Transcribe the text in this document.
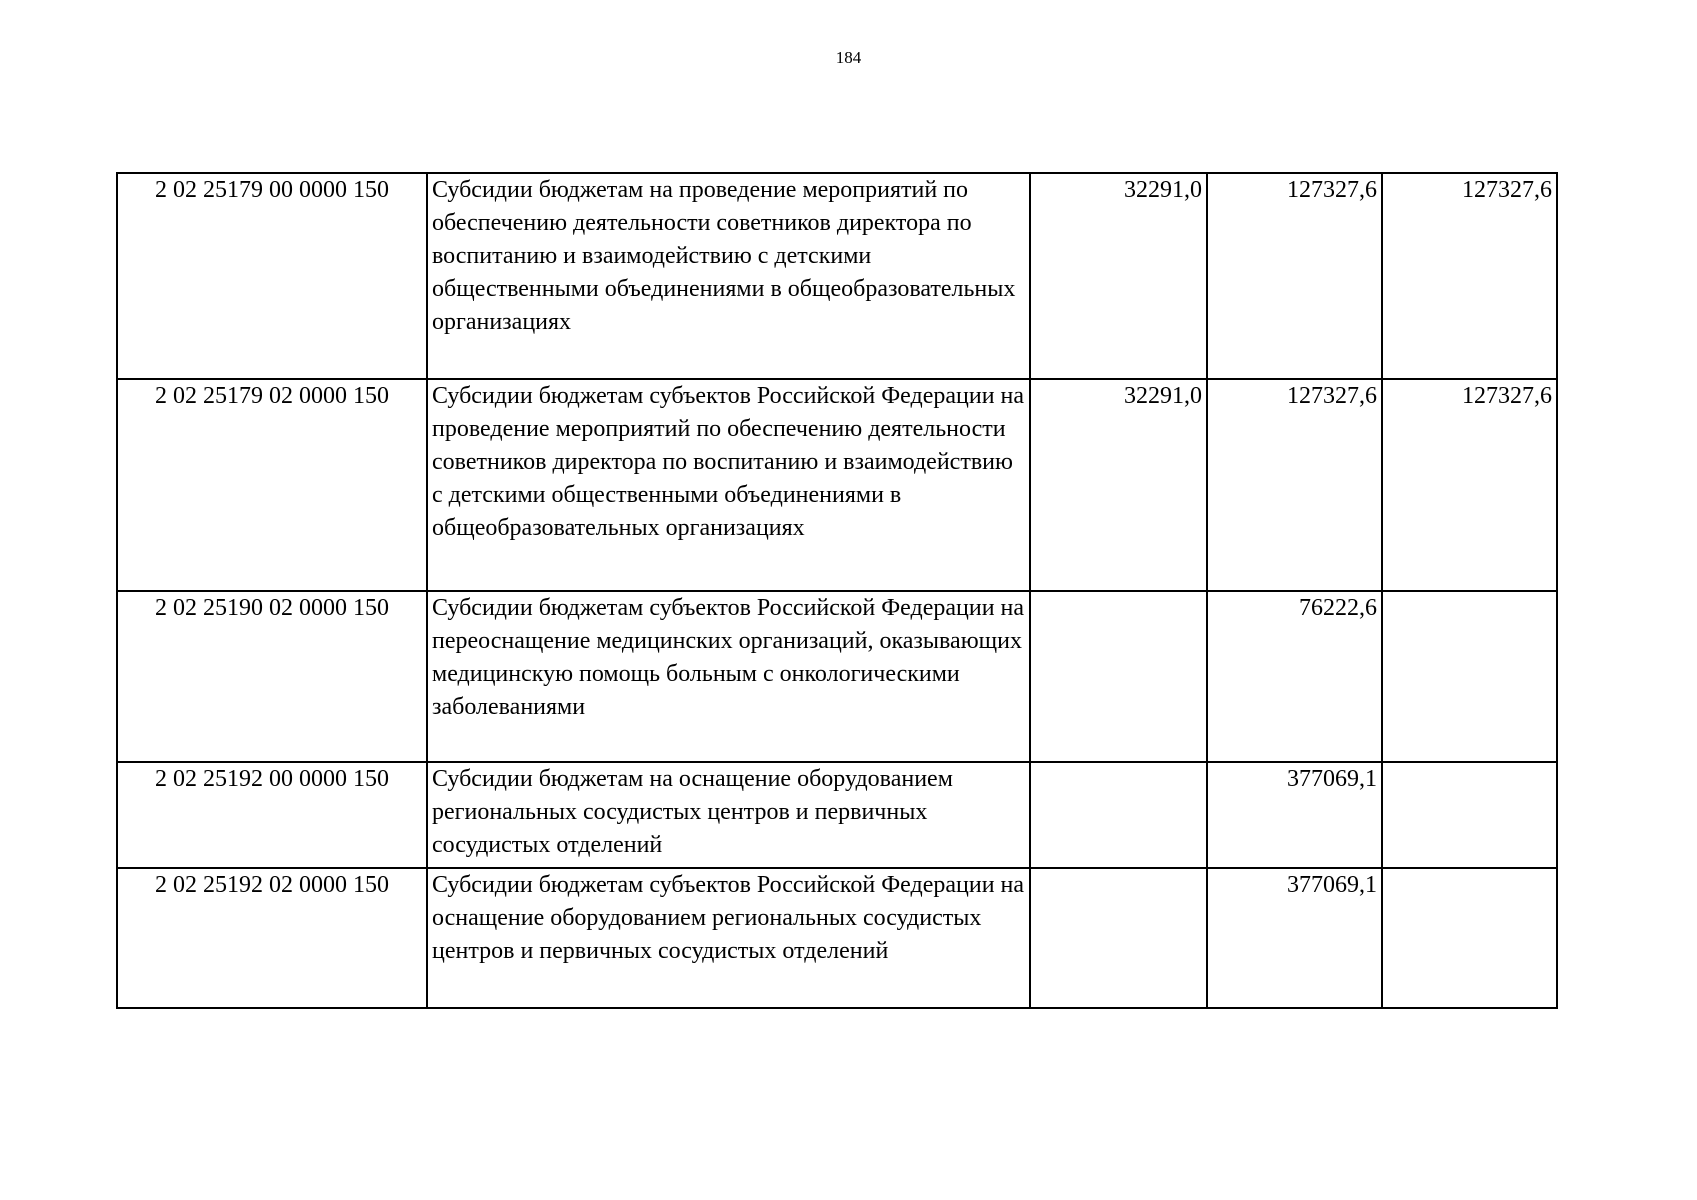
184
2 02 25179 00 0000 150	Субсидии бюджетам на проведение мероприятий по обеспечению деятельности советников директора по воспитанию и взаимодействию с детскими общественными объединениями в общеобразовательных организациях	32291,0	127327,6	127327,6
2 02 25179 02 0000 150	Субсидии бюджетам субъектов Российской Федерации на проведение мероприятий по обеспечению деятельности советников директора по воспитанию и взаимодействию с детскими общественными объединениями в общеобразовательных организациях	32291,0	127327,6	127327,6
2 02 25190 02 0000 150	Субсидии бюджетам субъектов Российской Федерации на переоснащение медицинских организаций, оказывающих медицинскую помощь больным с онкологическими заболеваниями		76222,6	
2 02 25192 00 0000 150	Субсидии бюджетам на оснащение оборудованием региональных сосудистых центров и первичных сосудистых отделений		377069,1	
2 02 25192 02 0000 150	Субсидии бюджетам субъектов Российской Федерации на оснащение оборудованием региональных сосудистых центров и первичных сосудистых отделений		377069,1	
